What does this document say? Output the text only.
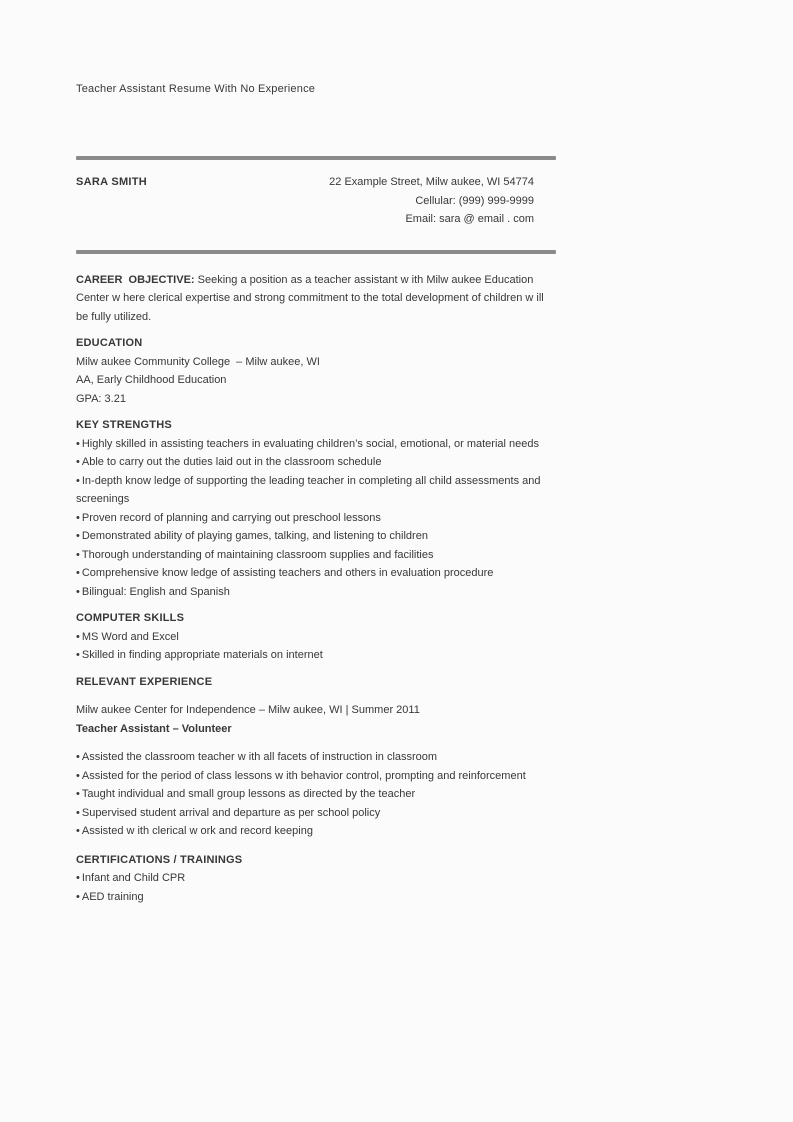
Teacher Assistant Resume With No Experience
SARA SMITH	22 Example Street, Milw aukee, WI 54774
Cellular: (999) 999-9999
Email: sara @ email . com
CAREER  OBJECTIVE: Seeking a position as a teacher assistant w ith Milw aukee Education Center w here clerical expertise and strong commitment to the total development of children w ill be fully utilized.
EDUCATION
Milw aukee Community College  – Milw aukee, WI
AA, Early Childhood Education
GPA: 3.21
KEY STRENGTHS
• Highly skilled in assisting teachers in evaluating children’s social, emotional, or material needs
• Able to carry out the duties laid out in the classroom schedule
• In-depth know ledge of supporting the leading teacher in completing all child assessments and screenings
• Proven record of planning and carrying out preschool lessons
• Demonstrated ability of playing games, talking, and listening to children
• Thorough understanding of maintaining classroom supplies and facilities
• Comprehensive know ledge of assisting teachers and others in evaluation procedure
• Bilingual: English and Spanish
COMPUTER SKILLS
• MS Word and Excel
• Skilled in finding appropriate materials on internet
RELEVANT EXPERIENCE
Milw aukee Center for Independence – Milw aukee, WI | Summer 2011
Teacher Assistant – Volunteer
• Assisted the classroom teacher w ith all facets of instruction in classroom
• Assisted for the period of class lessons w ith behavior control, prompting and reinforcement
• Taught individual and small group lessons as directed by the teacher
• Supervised student arrival and departure as per school policy
• Assisted w ith clerical w ork and record keeping
CERTIFICATIONS / TRAININGS
• Infant and Child CPR
• AED training
